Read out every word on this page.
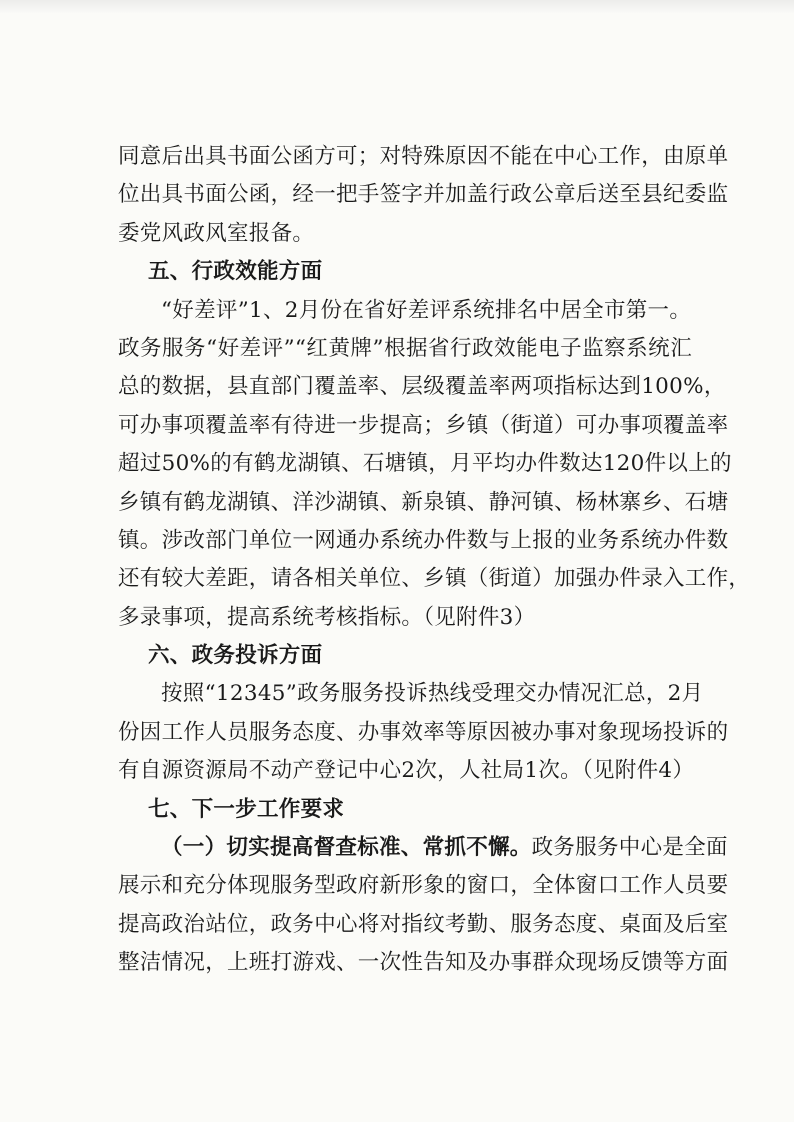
同意后出具书面公函方可；对特殊原因不能在中心工作，由原单
位出具书面公函，经一把手签字并加盖行政公章后送至县纪委监
委党风政风室报备。
五、行政效能方面
“好差评”1、2月份在省好差评系统排名中居全市第一。
政务服务“好差评”“红黄牌”根据省行政效能电子监察系统汇
总的数据，县直部门覆盖率、层级覆盖率两项指标达到100%，
可办事项覆盖率有待进一步提高；乡镇（街道）可办事项覆盖率
超过50%的有鹤龙湖镇、石塘镇，月平均办件数达120件以上的
乡镇有鹤龙湖镇、洋沙湖镇、新泉镇、静河镇、杨林寨乡、石塘
镇。涉改部门单位一网通办系统办件数与上报的业务系统办件数
还有较大差距，请各相关单位、乡镇（街道）加强办件录入工作，
多录事项，提高系统考核指标。（见附件3）
六、政务投诉方面
按照“12345”政务服务投诉热线受理交办情况汇总，2月
份因工作人员服务态度、办事效率等原因被办事对象现场投诉的
有自源资源局不动产登记中心2次，人社局1次。（见附件4）
七、下一步工作要求
（一）切实提高督查标准、常抓不懈。政务服务中心是全面
展示和充分体现服务型政府新形象的窗口，全体窗口工作人员要
提高政治站位，政务中心将对指纹考勤、服务态度、桌面及后室
整洁情况，上班打游戏、一次性告知及办事群众现场反馈等方面
